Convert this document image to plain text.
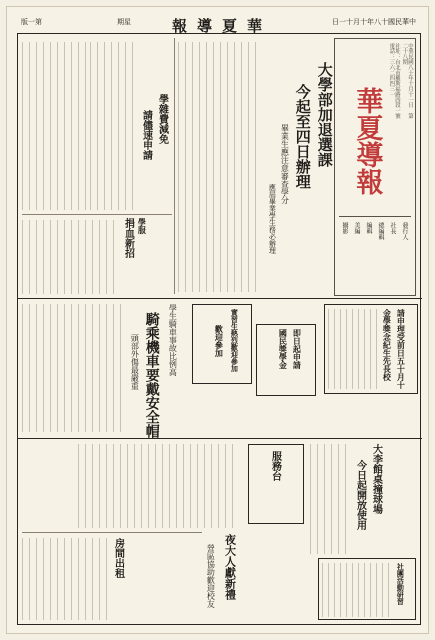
版一第	期星	報導夏華	日一十月十年八十國民華中
中華民國八十年十月十一日　第二十八期
社址：台北市羅斯福路四段一號　電話：三六二四四三一
華夏導報
發行人
社長
總編輯
編輯
美編
攝影
大學部加退選課
今起至四日辦理
畢業生應注意審查學分
應屆畢業學生務必辦理
學雜費減免
請儘速申請
學服
捐血新招
請申理受前日五十月十
金學獎念紀生先長校
即日起申請
國民獎學金
實習生熱烈歡迎參加
歡迎參加
學生騎車事故比例高
騎乘機車要戴安全帽
頭部外傷最嚴重
大李館桌撞球場
今日起開放使用
服務台
夜大人獻新禮
營區協助歡迎校友
房間出租
社團活動研習
